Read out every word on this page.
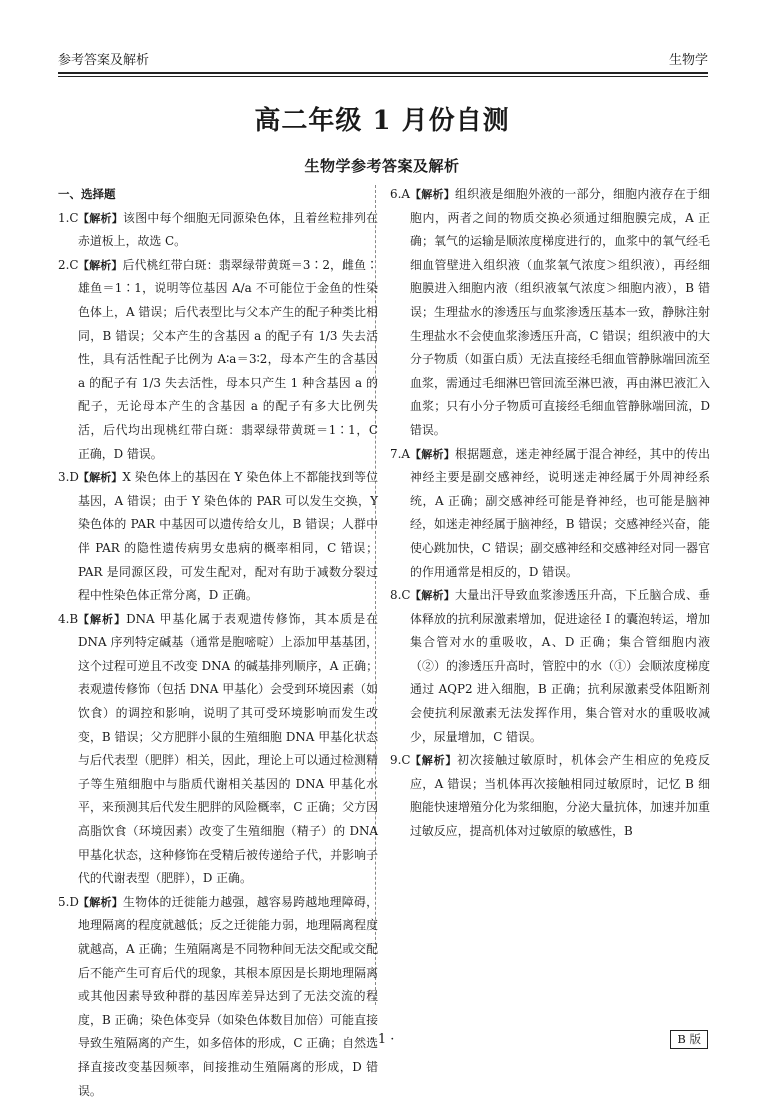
参考答案及解析	生物学
高二年级 1 月份自测
生物学参考答案及解析
一、选择题
1.C 【解析】该图中每个细胞无同源染色体，且着丝粒排列在赤道板上，故选 C。
2.C 【解析】后代桃红带白斑：翡翠绿带黄斑＝3∶2，雌鱼∶雄鱼＝1∶1，说明等位基因 A/a 不可能位于金鱼的性染色体上，A 错误；后代表型比与父本产生的配子种类比相同，B 错误；父本产生的含基因 a 的配子有 1/3 失去活性，具有活性配子比例为 A∶a＝3∶2，母本产生的含基因 a 的配子有 1/3 失去活性，母本只产生 1 种含基因 a 的配子，无论母本产生的含基因 a 的配子有多大比例失活，后代均出现桃红带白斑：翡翠绿带黄斑＝1∶1，C 正确，D 错误。
3.D 【解析】X 染色体上的基因在 Y 染色体上不都能找到等位基因，A 错误；由于 Y 染色体的 PAR 可以发生交换，Y 染色体的 PAR 中基因可以遗传给女儿，B 错误；人群中伴 PAR 的隐性遗传病男女患病的概率相同，C 错误；PAR 是同源区段，可发生配对，配对有助于减数分裂过程中性染色体正常分离，D 正确。
4.B 【解析】DNA 甲基化属于表观遗传修饰，其本质是在 DNA 序列特定碱基（通常是胞嘧啶）上添加甲基基团，这个过程可逆且不改变 DNA 的碱基排列顺序，A 正确；表观遗传修饰（包括 DNA 甲基化）会受到环境因素（如饮食）的调控和影响，说明了其可受环境影响而发生改变，B 错误；父方肥胖小鼠的生殖细胞 DNA 甲基化状态与后代表型（肥胖）相关，因此，理论上可以通过检测精子等生殖细胞中与脂质代谢相关基因的 DNA 甲基化水平，来预测其后代发生肥胖的风险概率，C 正确；父方因高脂饮食（环境因素）改变了生殖细胞（精子）的 DNA 甲基化状态，这种修饰在受精后被传递给子代，并影响子代的代谢表型（肥胖），D 正确。
5.D 【解析】生物体的迁徙能力越强，越容易跨越地理障碍，地理隔离的程度就越低；反之迁徙能力弱，地理隔离程度就越高，A 正确；生殖隔离是不同物种间无法交配或交配后不能产生可育后代的现象，其根本原因是长期地理隔离或其他因素导致种群的基因库差异达到了无法交流的程度，B 正确；染色体变异（如染色体数目加倍）可能直接导致生殖隔离的产生，如多倍体的形成，C 正确；自然选择直接改变基因频率，间接推动生殖隔离的形成，D 错误。
6.A 【解析】组织液是细胞外液的一部分，细胞内液存在于细胞内，两者之间的物质交换必须通过细胞膜完成，A 正确；氧气的运输是顺浓度梯度进行的，血浆中的氧气经毛细血管壁进入组织液（血浆氧气浓度＞组织液），再经细胞膜进入细胞内液（组织液氧气浓度＞细胞内液），B 错误；生理盐水的渗透压与血浆渗透压基本一致，静脉注射生理盐水不会使血浆渗透压升高，C 错误；组织液中的大分子物质（如蛋白质）无法直接经毛细血管静脉端回流至血浆，需通过毛细淋巴管回流至淋巴液，再由淋巴液汇入血浆；只有小分子物质可直接经毛细血管静脉端回流，D 错误。
7.A 【解析】根据题意，迷走神经属于混合神经，其中的传出神经主要是副交感神经，说明迷走神经属于外周神经系统，A 正确；副交感神经可能是脊神经，也可能是脑神经，如迷走神经属于脑神经，B 错误；交感神经兴奋，能使心跳加快，C 错误；副交感神经和交感神经对同一器官的作用通常是相反的，D 错误。
8.C 【解析】大量出汗导致血浆渗透压升高，下丘脑合成、垂体释放的抗利尿激素增加，促进途径 I 的囊泡转运，增加集合管对水的重吸收，A、D 正确；集合管细胞内液（②）的渗透压升高时，管腔中的水（①）会顺浓度梯度通过 AQP2 进入细胞，B 正确；抗利尿激素受体阻断剂会使抗利尿激素无法发挥作用，集合管对水的重吸收减少，尿量增加，C 错误。
9.C 【解析】初次接触过敏原时，机体会产生相应的免疫反应，A 错误；当机体再次接触相同过敏原时，记忆 B 细胞能快速增殖分化为浆细胞，分泌大量抗体，加速并加重过敏反应，提高机体对过敏原的敏感性，B
· 1 ·	B 版
